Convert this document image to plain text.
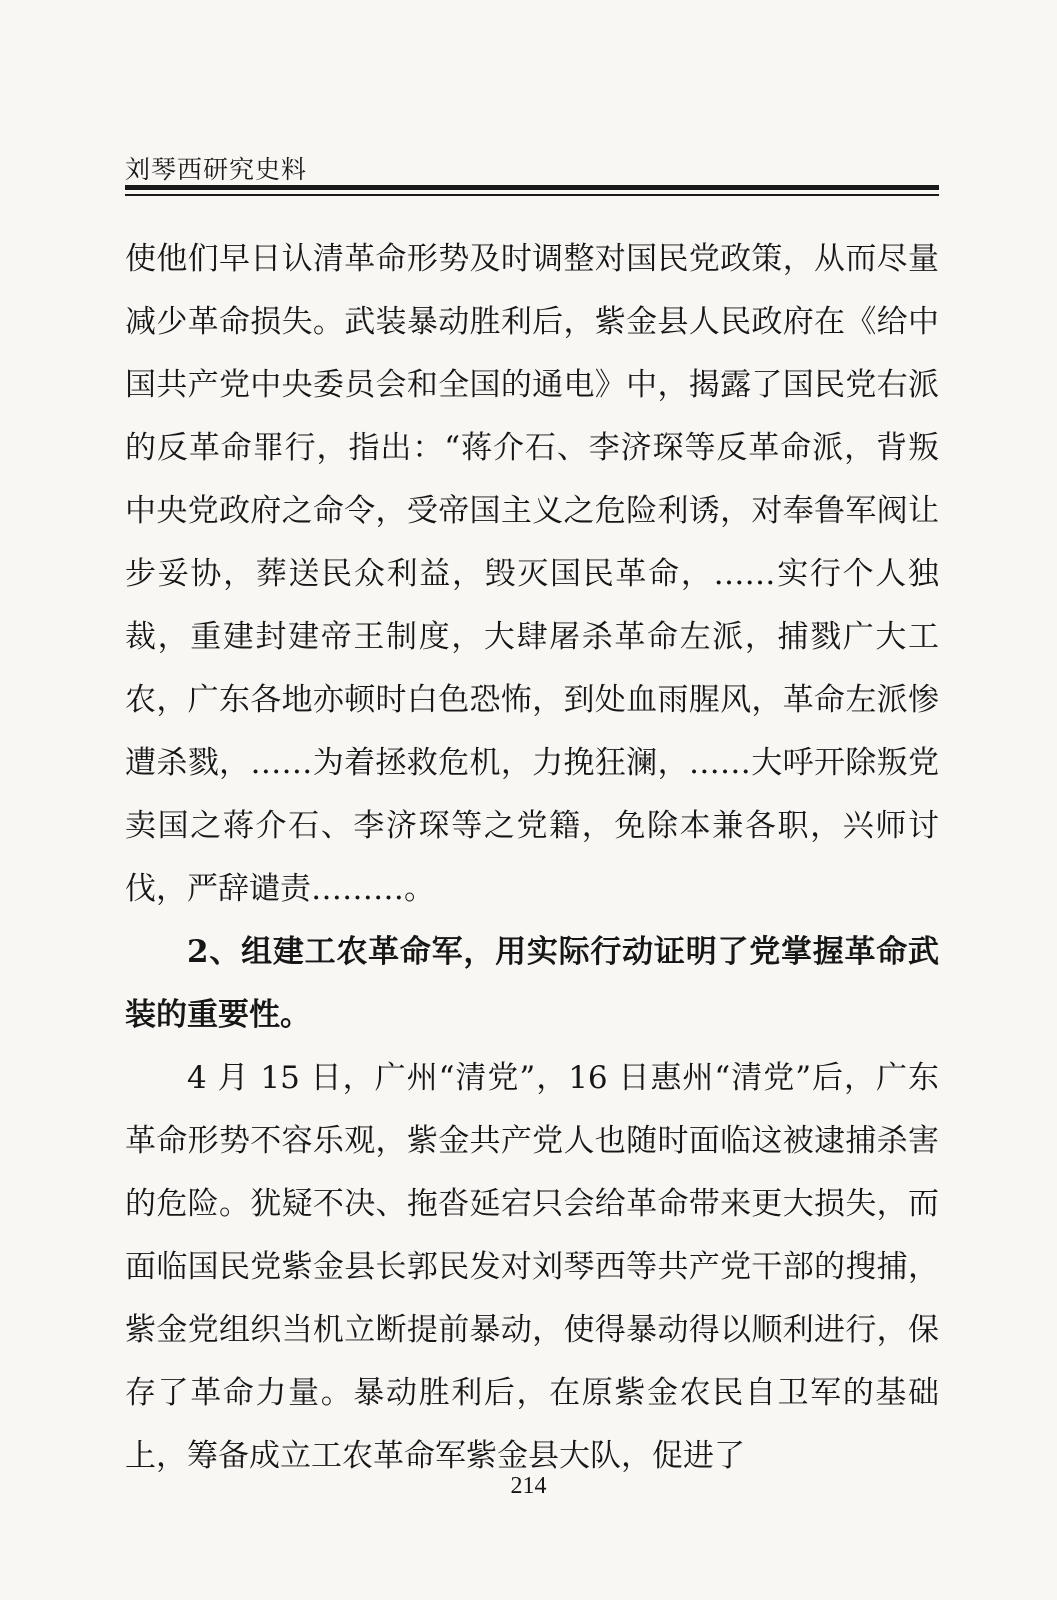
刘琴西研究史料

使他们早日认清革命形势及时调整对国民党政策，从而尽量减少革命损失。武装暴动胜利后，紫金县人民政府在《给中国共产党中央委员会和全国的通电》中，揭露了国民党右派的反革命罪行，指出：“蒋介石、李济琛等反革命派，背叛中央党政府之命令，受帝国主义之危险利诱，对奉鲁军阀让步妥协，葬送民众利益，毁灭国民革命，……实行个人独裁，重建封建帝王制度，大肆屠杀革命左派，捕戮广大工农，广东各地亦顿时白色恐怖，到处血雨腥风，革命左派惨遭杀戮，……为着拯救危机，力挽狂澜，……大呼开除叛党卖国之蒋介石、李济琛等之党籍，免除本兼各职，兴师讨伐，严辞谴责………。

2、组建工农革命军，用实际行动证明了党掌握革命武装的重要性。

4 月 15 日，广州“清党”，16 日惠州“清党”后，广东革命形势不容乐观，紫金共产党人也随时面临这被逮捕杀害的危险。犹疑不决、拖沓延宕只会给革命带来更大损失，而面临国民党紫金县长郭民发对刘琴西等共产党干部的搜捕，紫金党组织当机立断提前暴动，使得暴动得以顺利进行，保存了革命力量。暴动胜利后，在原紫金农民自卫军的基础上，筹备成立工农革命军紫金县大队，促进了

214
